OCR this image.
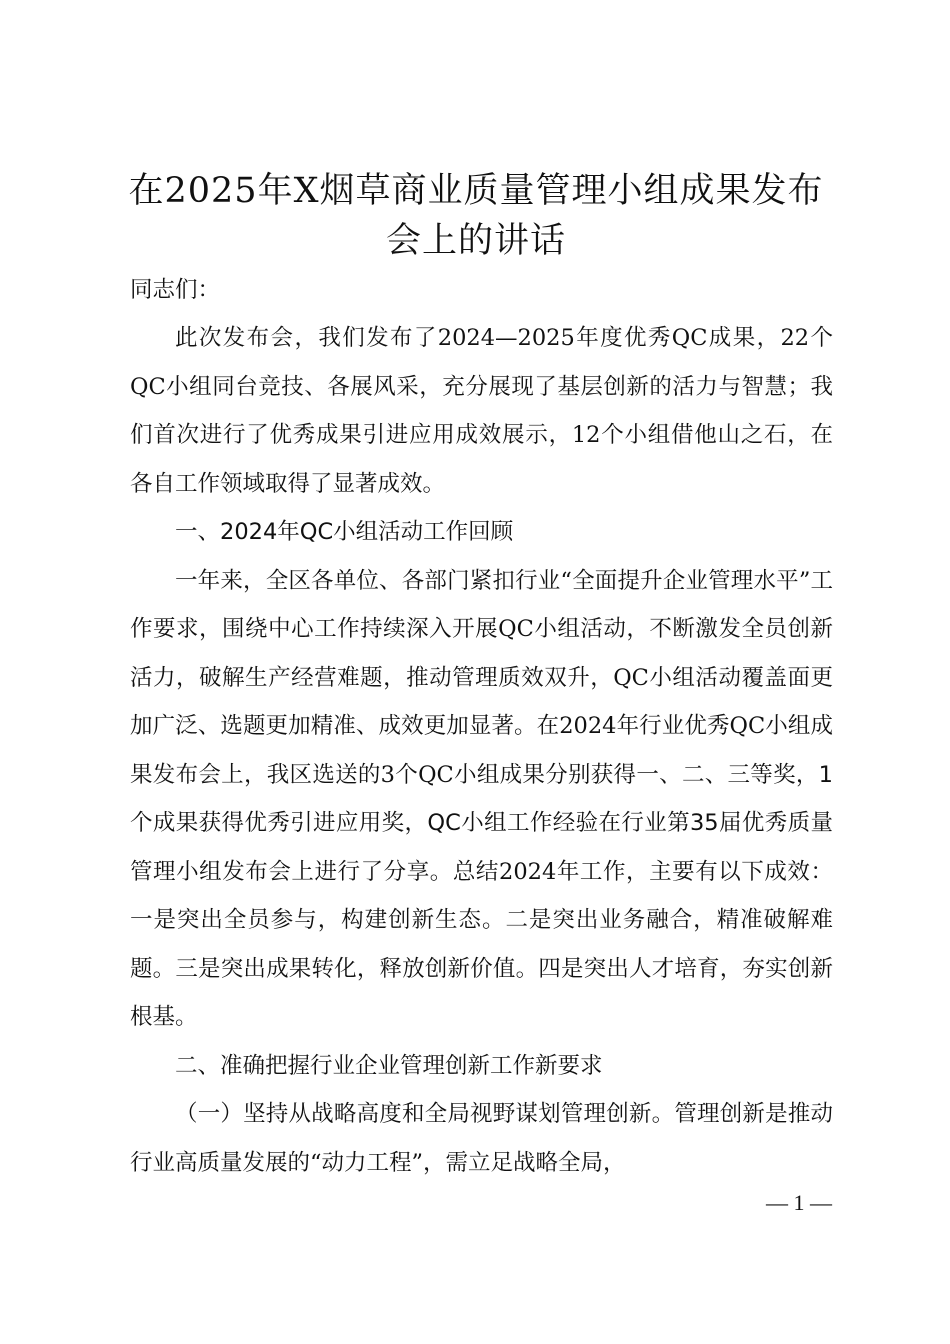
在2025年X烟草商业质量管理小组成果发布会上的讲话
同志们：

此次发布会，我们发布了2024—2025年度优秀QC成果，22个QC小组同台竞技、各展风采，充分展现了基层创新的活力与智慧；我们首次进行了优秀成果引进应用成效展示，12个小组借他山之石，在各自工作领域取得了显著成效。

一、2024年QC小组活动工作回顾

一年来，全区各单位、各部门紧扣行业“全面提升企业管理水平”工作要求，围绕中心工作持续深入开展QC小组活动，不断激发全员创新活力，破解生产经营难题，推动管理质效双升，QC小组活动覆盖面更加广泛、选题更加精准、成效更加显著。在2024年行业优秀QC小组成果发布会上，我区选送的3个QC小组成果分别获得一、二、三等奖，1个成果获得优秀引进应用奖，QC小组工作经验在行业第35届优秀质量管理小组发布会上进行了分享。总结2024年工作，主要有以下成效：一是突出全员参与，构建创新生态。二是突出业务融合，精准破解难题。三是突出成果转化，释放创新价值。四是突出人才培育，夯实创新根基。

二、准确把握行业企业管理创新工作新要求

（一）坚持从战略高度和全局视野谋划管理创新。管理创新是推动行业高质量发展的“动力工程”，需立足战略全局，

— 1 —
